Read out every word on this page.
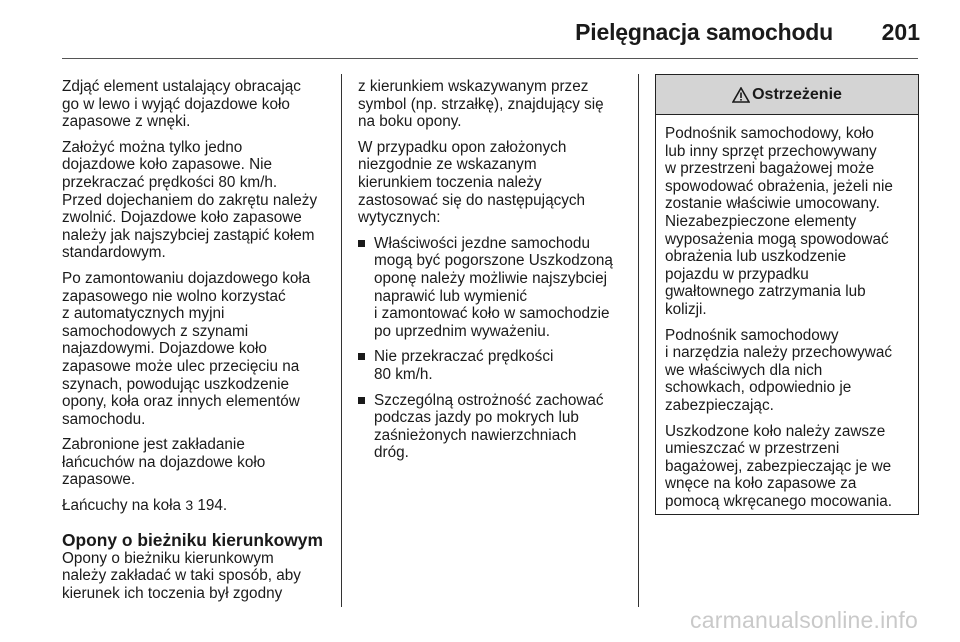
Pielęgnacja samochodu 201

Zdjąć element ustalający obracając
go w lewo i wyjąć dojazdowe koło
zapasowe z wnęki.

Założyć można tylko jedno
dojazdowe koło zapasowe. Nie
przekraczać prędkości 80 km/h.
Przed dojechaniem do zakrętu należy
zwolnić. Dojazdowe koło zapasowe
należy jak najszybciej zastąpić kołem
standardowym.

Po zamontowaniu dojazdowego koła
zapasowego nie wolno korzystać
z automatycznych myjni
samochodowych z szynami
najazdowymi. Dojazdowe koło
zapasowe może ulec przecięciu na
szynach, powodując uszkodzenie
opony, koła oraz innych elementów
samochodu.

Zabronione jest zakładanie
łańcuchów na dojazdowe koło
zapasowe.

Łańcuchy na koła 3 194.

Opony o bieżniku kierunkowym

Opony o bieżniku kierunkowym
należy zakładać w taki sposób, aby
kierunek ich toczenia był zgodny

z kierunkiem wskazywanym przez
symbol (np. strzałkę), znajdujący się
na boku opony.

W przypadku opon założonych
niezgodnie ze wskazanym
kierunkiem toczenia należy
zastosować się do następujących
wytycznych:

Właściwości jezdne samochodu
mogą być pogorszone Uszkodzoną
oponę należy możliwie najszybciej
naprawić lub wymienić
i zamontować koło w samochodzie
po uprzednim wyważeniu.
Nie przekraczać prędkości
80 km/h.
Szczególną ostrożność zachować
podczas jazdy po mokrych lub
zaśnieżonych nawierzchniach
dróg.
Ostrzeżenie

Podnośnik samochodowy, koło
lub inny sprzęt przechowywany
w przestrzeni bagażowej może
spowodować obrażenia, jeżeli nie
zostanie właściwie umocowany.
Niezabezpieczone elementy
wyposażenia mogą spowodować
obrażenia lub uszkodzenie
pojazdu w przypadku
gwałtownego zatrzymania lub
kolizji.

Podnośnik samochodowy
i narzędzia należy przechowywać
we właściwych dla nich
schowkach, odpowiednio je
zabezpieczając.

Uszkodzone koło należy zawsze
umieszczać w przestrzeni
bagażowej, zabezpieczając je we
wnęce na koło zapasowe za
pomocą wkręcanego mocowania.

carmanualsonline.info
